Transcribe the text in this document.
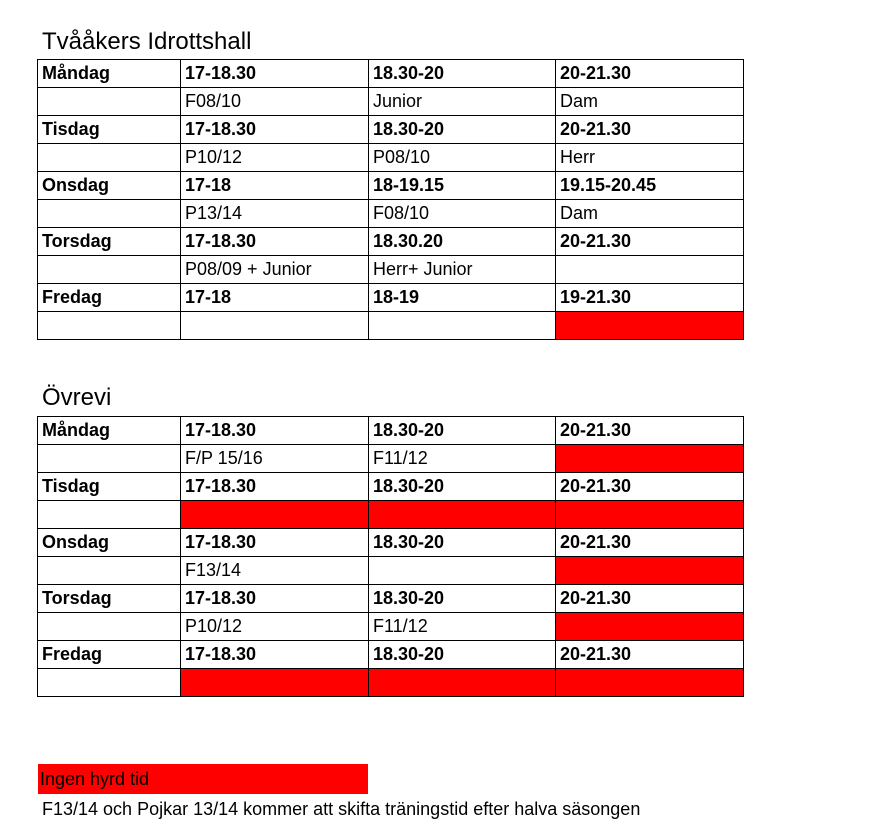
Tvååkers Idrottshall
Måndag	17-18.30	18.30-20	20-21.30
	F08/10	Junior	Dam
Tisdag	17-18.30	18.30-20	20-21.30
	P10/12	P08/10	Herr
Onsdag	17-18	18-19.15	19.15-20.45
	P13/14	F08/10	Dam
Torsdag	17-18.30	18.30.20	20-21.30
	P08/09 + Junior	Herr+ Junior	
Fredag	17-18	18-19	19-21.30

Övrevi
Måndag	17-18.30	18.30-20	20-21.30
	F/P 15/16	F11/12	
Tisdag	17-18.30	18.30-20	20-21.30

Onsdag	17-18.30	18.30-20	20-21.30
	F13/14		
Torsdag	17-18.30	18.30-20	20-21.30
	P10/12	F11/12	
Fredag	17-18.30	18.30-20	20-21.30

Ingen hyrd tid
F13/14 och Pojkar 13/14 kommer att skifta träningstid efter halva säsongen
